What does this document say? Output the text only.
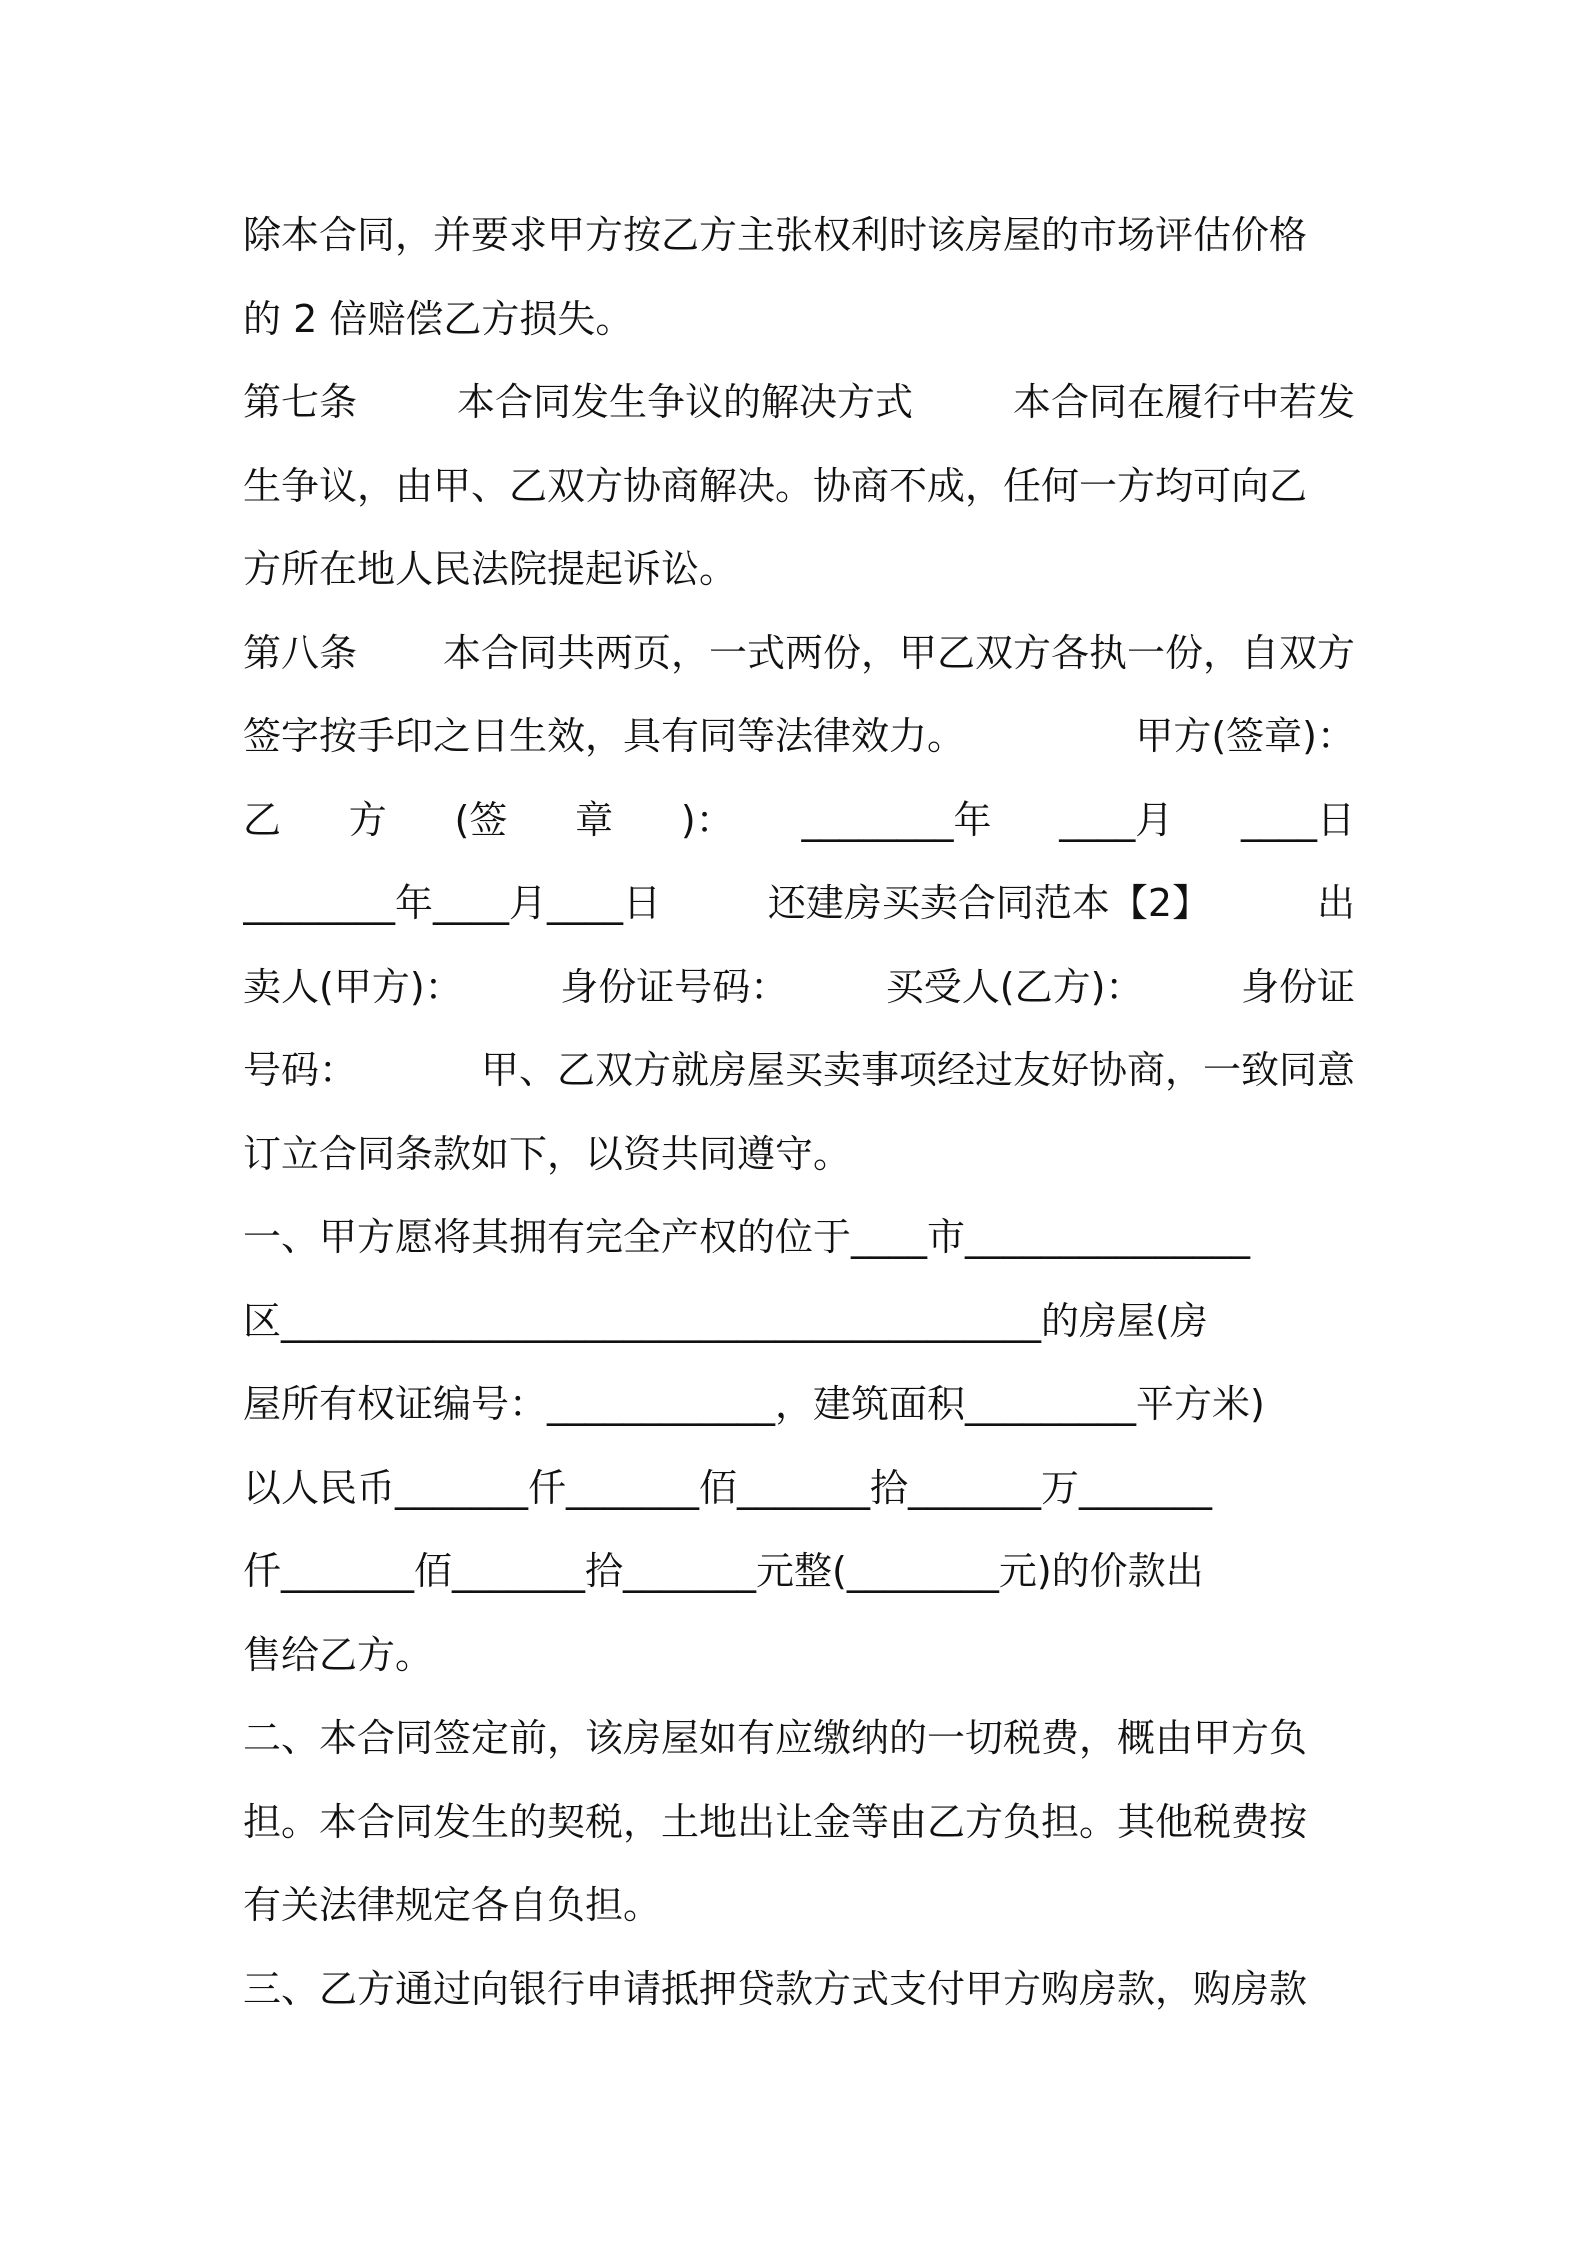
除本合同，并要求甲方按乙方主张权利时该房屋的市场评估价格
的 2 倍赔偿乙方损失。
第七条	本合同发生争议的解决方式	本合同在履行中若发
生争议，由甲、乙双方协商解决。协商不成，任何一方均可向乙
方所在地人民法院提起诉讼。
第八条 本合同共两页，一式两份，甲乙双方各执一份，自双方
签字按手印之日生效，具有同等法律效力。	甲方(签章)：
乙 方 (签 章 )： ________年 ____月 ____日
________年____月____日	还建房买卖合同范本【2】	出
卖人(甲方)：	身份证号码：	买受人(乙方)：	身份证
号码：	甲、乙双方就房屋买卖事项经过友好协商，一致同意
订立合同条款如下，以资共同遵守。
一、甲方愿将其拥有完全产权的位于____市_______________
区________________________________________的房屋(房
屋所有权证编号：____________，建筑面积_________平方米)
以人民币_______仟_______佰_______拾_______万_______
仟_______佰_______拾_______元整(________元)的价款出
售给乙方。
二、本合同签定前，该房屋如有应缴纳的一切税费，概由甲方负
担。本合同发生的契税，土地出让金等由乙方负担。其他税费按
有关法律规定各自负担。
三、乙方通过向银行申请抵押贷款方式支付甲方购房款，购房款
